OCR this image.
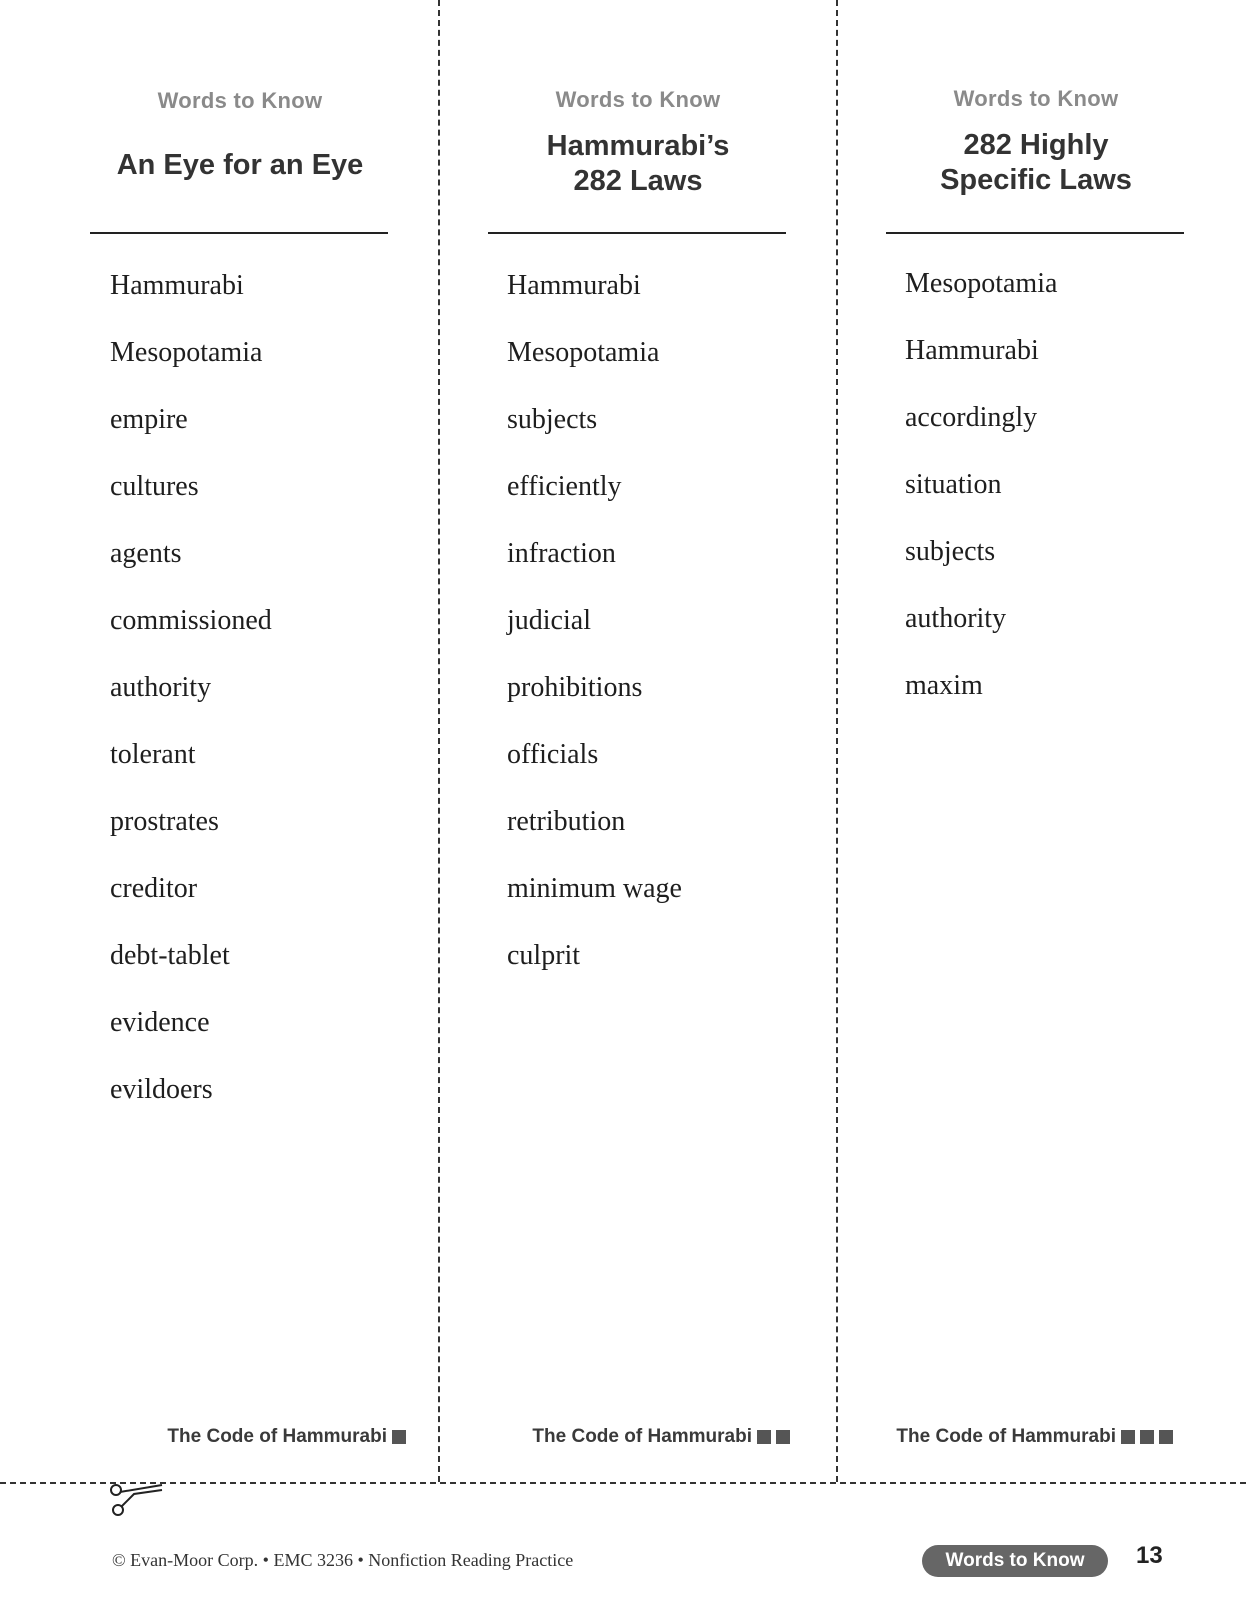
Words to Know
An Eye for an Eye
Hammurabi
Mesopotamia
empire
cultures
agents
commissioned
authority
tolerant
prostrates
creditor
debt-tablet
evidence
evildoers
The Code of Hammurabi
Words to Know
Hammurabi’s 282 Laws
Hammurabi
Mesopotamia
subjects
efficiently
infraction
judicial
prohibitions
officials
retribution
minimum wage
culprit
The Code of Hammurabi
Words to Know
282 Highly Specific Laws
Mesopotamia
Hammurabi
accordingly
situation
subjects
authority
maxim
The Code of Hammurabi
© Evan-Moor Corp. • EMC 3236 • Nonfiction Reading Practice	Words to Know	13
